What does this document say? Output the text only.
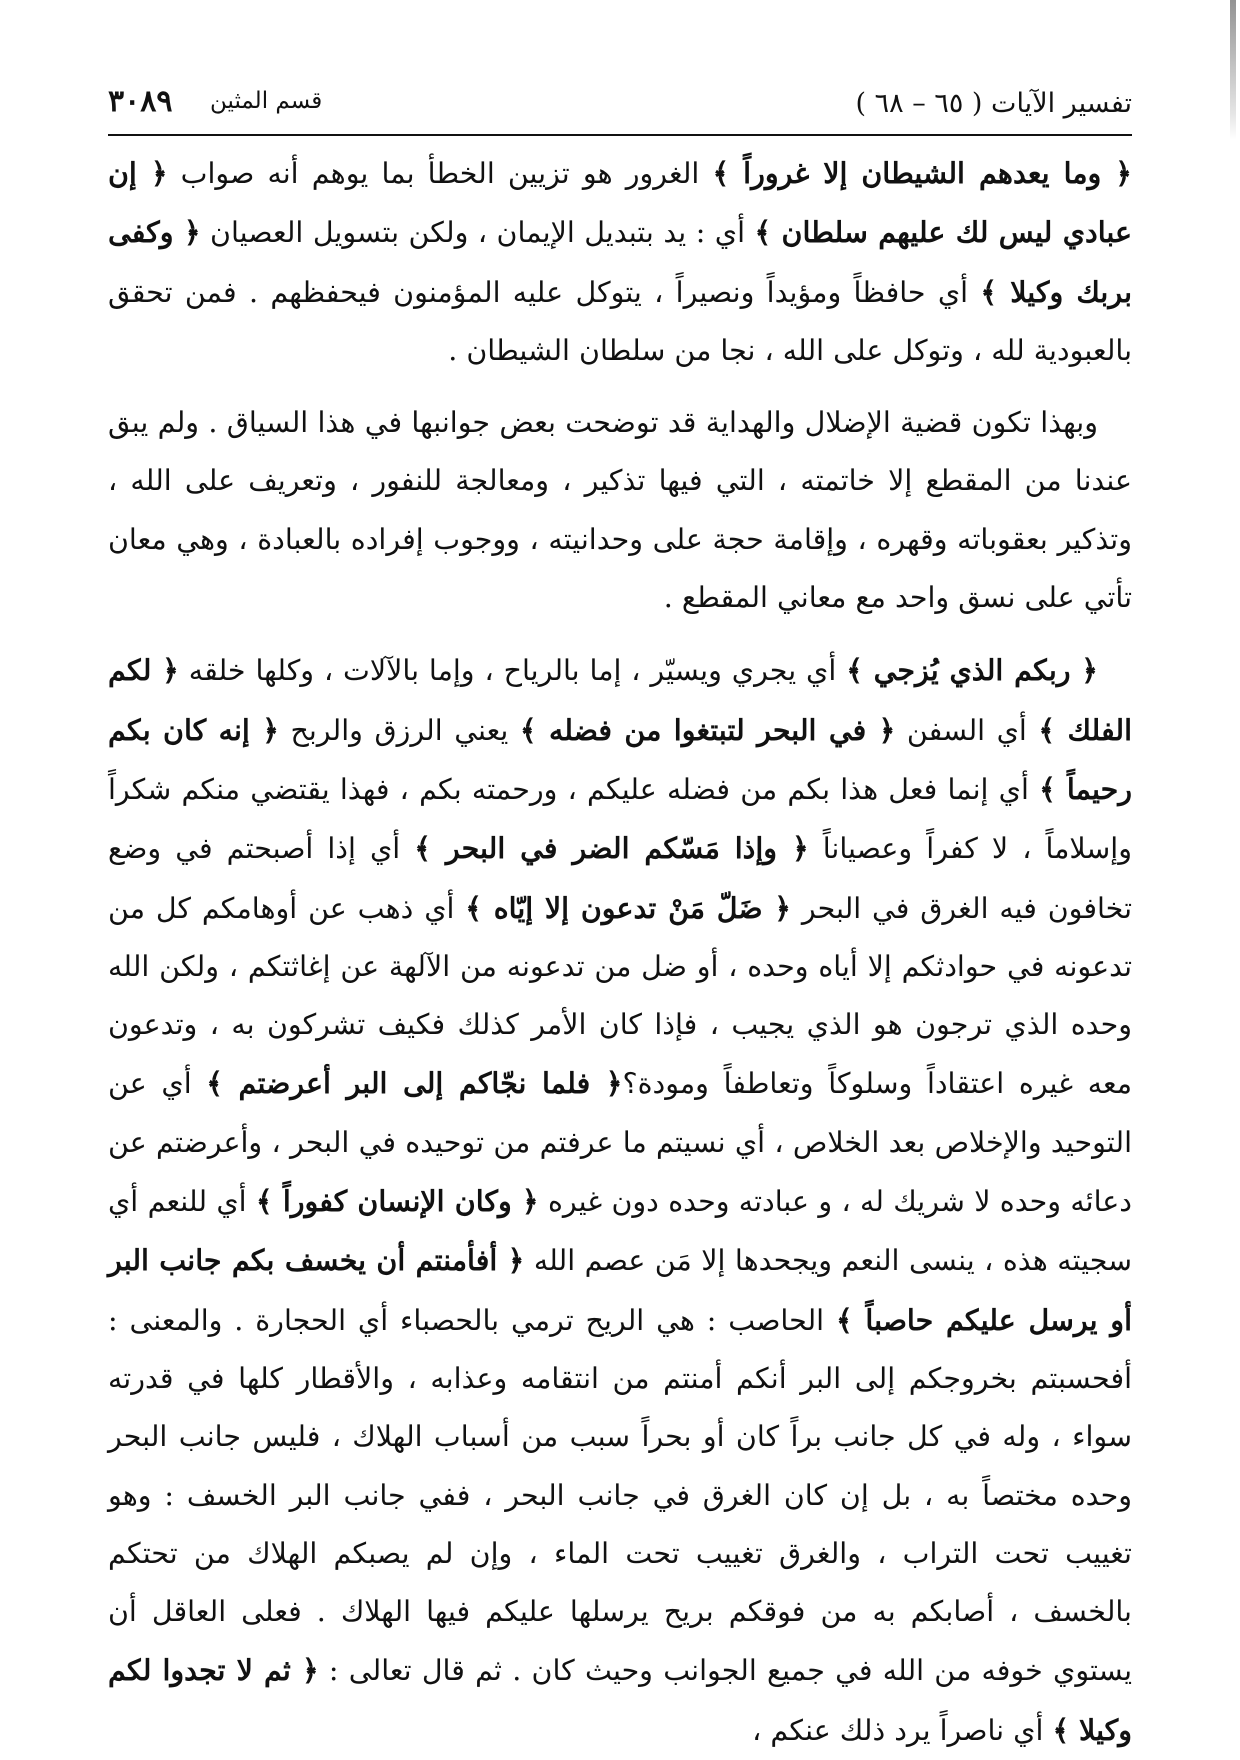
تفسير الآيات ( ٦٥ – ٦٨ )
قسم المثين
٣٠٨٩

﴿ وما يعدهم الشيطان إلا غروراً ﴾ الغرور هو تزيين الخطأ بما يوهم أنه صواب ﴿ إن عبادي ليس لك عليهم سلطان ﴾ أي : يد بتبديل الإيمان ، ولكن بتسويل العصيان ﴿ وكفى بربك وكيلا ﴾ أي حافظاً ومؤيداً ونصيراً ، يتوكل عليه المؤمنون فيحفظهم . فمن تحقق بالعبودية لله ، وتوكل على الله ، نجا من سلطان الشيطان .

وبهذا تكون قضية الإضلال والهداية قد توضحت بعض جوانبها في هذا السياق . ولم يبق عندنا من المقطع إلا خاتمته ، التي فيها تذكير ، ومعالجة للنفور ، وتعريف على الله ، وتذكير بعقوباته وقهره ، وإقامة حجة على وحدانيته ، ووجوب إفراده بالعبادة ، وهي معان تأتي على نسق واحد مع معاني المقطع .

﴿ ربكم الذي يُزجي ﴾ أي يجري ويسيّر ، إما بالرياح ، وإما بالآلات ، وكلها خلقه ﴿ لكم الفلك ﴾ أي السفن ﴿ في البحر لتبتغوا من فضله ﴾ يعني الرزق والربح ﴿ إنه كان بكم رحيماً ﴾ أي إنما فعل هذا بكم من فضله عليكم ، ورحمته بكم ، فهذا يقتضي منكم شكراً وإسلاماً ، لا كفراً وعصياناً ﴿ وإذا مَسّكم الضر في البحر ﴾ أي إذا أصبحتم في وضع تخافون فيه الغرق في البحر ﴿ ضَلّ مَنْ تدعون إلا إيّاه ﴾ أي ذهب عن أوهامكم كل من تدعونه في حوادثكم إلا أياه وحده ، أو ضل من تدعونه من الآلهة عن إغاثتكم ، ولكن الله وحده الذي ترجون هو الذي يجيب ، فإذا كان الأمر كذلك فكيف تشركون به ، وتدعون معه غيره اعتقاداً وسلوكاً وتعاطفاً ومودة؟﴿ فلما نجّاكم إلى البر أعرضتم ﴾ أي عن التوحيد والإخلاص بعد الخلاص ، أي نسيتم ما عرفتم من توحيده في البحر ، وأعرضتم عن دعائه وحده لا شريك له ، و عبادته وحده دون غيره ﴿ وكان الإنسان كفوراً ﴾ أي للنعم أي سجيته هذه ، ينسى النعم ويجحدها إلا مَن عصم الله ﴿ أفأمنتم أن يخسف بكم جانب البر أو يرسل عليكم حاصباً ﴾ الحاصب : هي الريح ترمي بالحصباء أي الحجارة . والمعنى : أفحسبتم بخروجكم إلى البر أنكم أمنتم من انتقامه وعذابه ، والأقطار كلها في قدرته سواء ، وله في كل جانب براً كان أو بحراً سبب من أسباب الهلاك ، فليس جانب البحر وحده مختصاً به ، بل إن كان الغرق في جانب البحر ، ففي جانب البر الخسف : وهو تغييب تحت التراب ، والغرق تغييب تحت الماء ، وإن لم يصبكم الهلاك من تحتكم بالخسف ، أصابكم به من فوقكم بريح يرسلها عليكم فيها الهلاك . فعلى العاقل أن يستوي خوفه من الله في جميع الجوانب وحيث كان . ثم قال تعالى : ﴿ ثم لا تجدوا لكم وكيلا ﴾ أي ناصراً يرد ذلك عنكم ،
